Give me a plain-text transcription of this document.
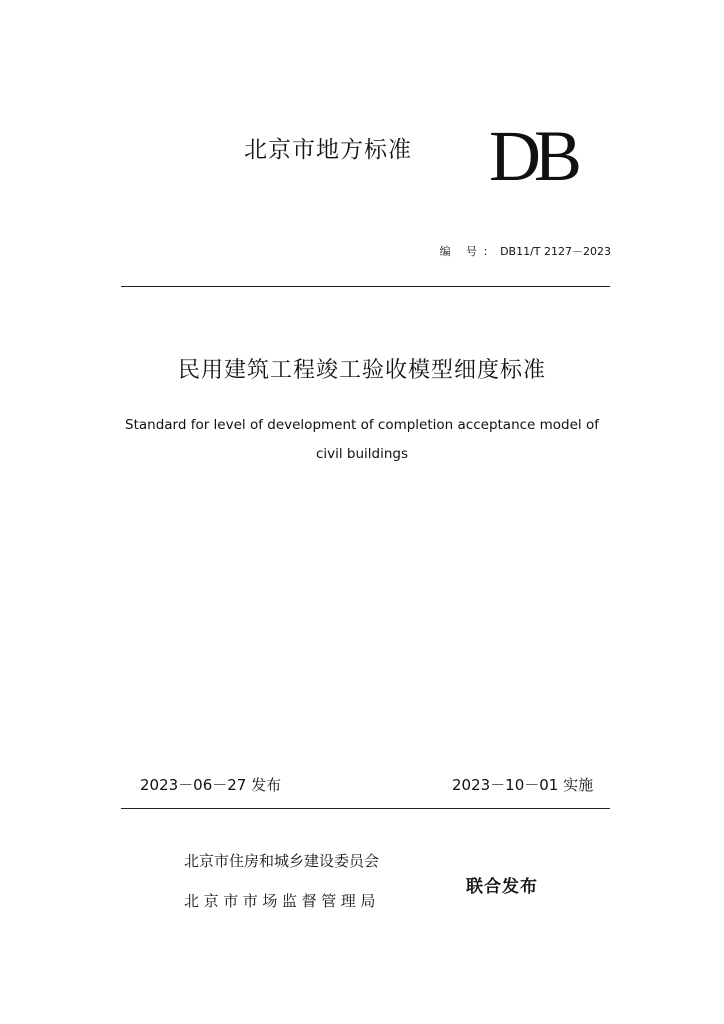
北京市地方标准 DB
编 号：DB11/T 2127－2023
民用建筑工程竣工验收模型细度标准
Standard for level of development of completion acceptance model of civil buildings
2023－06－27 发布	2023－10－01 实施
北京市住房和城乡建设委员会
北京市市场监督管理局
联合发布
